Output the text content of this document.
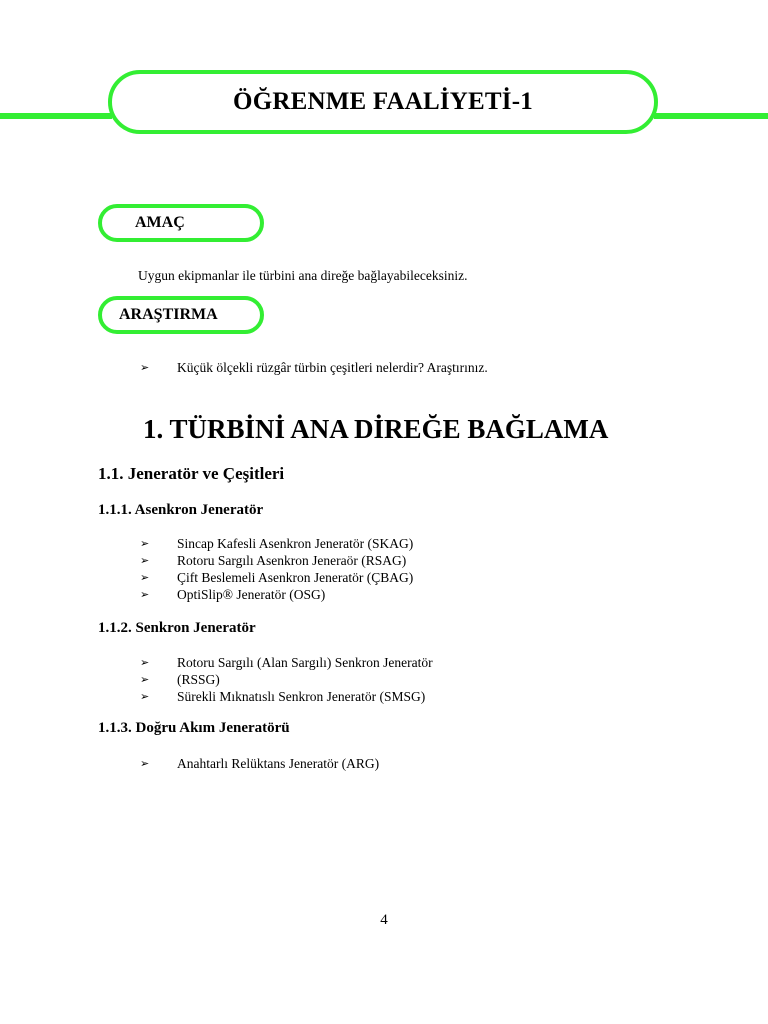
ÖĞRENME FAALİYETİ-1
AMAÇ
Uygun ekipmanlar ile türbini ana direğe bağlayabileceksiniz.
ARAŞTIRMA
➢	Küçük ölçekli rüzgâr türbin çeşitleri nelerdir? Araştırınız.
1. TÜRBİNİ ANA DİREĞE BAĞLAMA
1.1. Jeneratör ve Çeşitleri
1.1.1. Asenkron Jeneratör
➢	Sincap Kafesli Asenkron Jeneratör (SKAG)
➢	Rotoru Sargılı Asenkron Jeneraör (RSAG)
➢	Çift Beslemeli Asenkron Jeneratör (ÇBAG)
➢	OptiSlip® Jeneratör (OSG)
1.1.2. Senkron Jeneratör
➢	Rotoru Sargılı (Alan Sargılı) Senkron Jeneratör
➢	(RSSG)
➢	Sürekli Mıknatıslı Senkron Jeneratör (SMSG)
1.1.3. Doğru Akım Jeneratörü
➢	Anahtarlı Relüktans Jeneratör (ARG)
4
